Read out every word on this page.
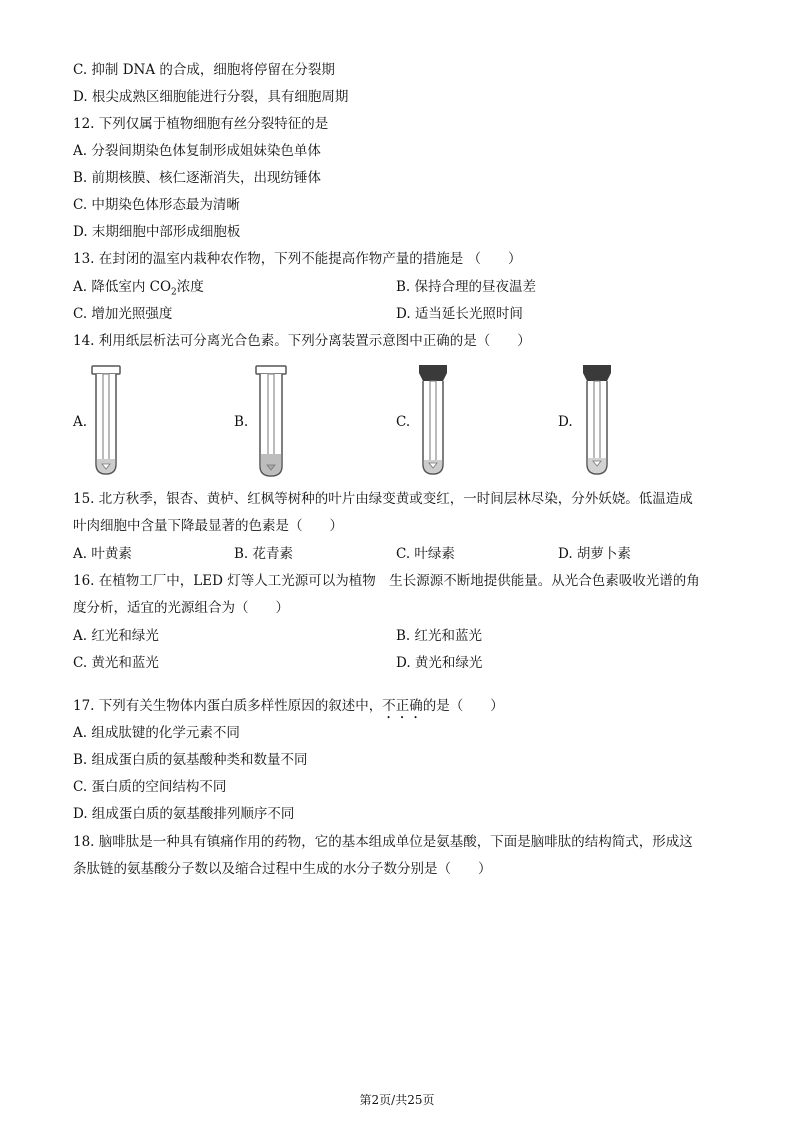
C. 抑制 DNA 的合成，细胞将停留在分裂期
D. 根尖成熟区细胞能进行分裂，具有细胞周期
12. 下列仅属于植物细胞有丝分裂特征的是
A. 分裂间期染色体复制形成姐妹染色单体
B. 前期核膜、核仁逐渐消失，出现纺锤体
C. 中期染色体形态最为清晰
D. 末期细胞中部形成细胞板
13. 在封闭的温室内栽种农作物，下列不能提高作物产量的措施是 （　　）
A. 降低室内 $CO_2$浓度	B. 保持合理的昼夜温差
C. 增加光照强度	D. 适当延长光照时间
14. 利用纸层析法可分离光合色素。下列分离装置示意图中正确的是（　　）
A.	B.	C.	D.
15. 北方秋季，银杏、黄栌、红枫等树种的叶片由绿变黄或变红，一时间层林尽染，分外妖娆。低温造成
叶肉细胞中含量下降最显著的色素是（　　）
A. 叶黄素	B. 花青素	C. 叶绿素	D. 胡萝卜素
16. 在植物工厂中，LED 灯等人工光源可以为植物　生长源源不断地提供能量。从光合色素吸收光谱的角
度分析，适宜的光源组合为（　　）
A. 红光和绿光	B. 红光和蓝光
C. 黄光和蓝光	D. 黄光和绿光
17. 下列有关生物体内蛋白质多样性原因的叙述中，不正确的是（　　）
A. 组成肽键的化学元素不同
B. 组成蛋白质的氨基酸种类和数量不同
C. 蛋白质的空间结构不同
D. 组成蛋白质的氨基酸排列顺序不同
18. 脑啡肽是一种具有镇痛作用的药物，它的基本组成单位是氨基酸，下面是脑啡肽的结构简式，形成这
条肽链的氨基酸分子数以及缩合过程中生成的水分子数分别是（　　）
第2页/共25页
